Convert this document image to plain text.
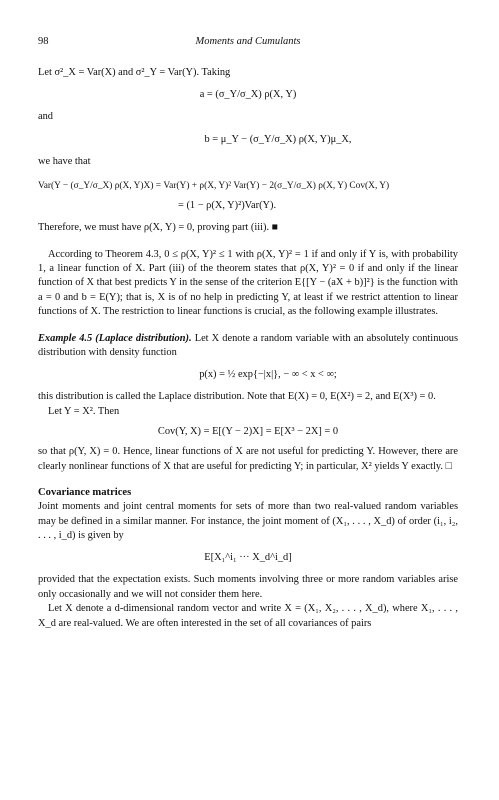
98	Moments and Cumulants

Let σ²_X = Var(X) and σ²_Y = Var(Y). Taking

a = (σ_Y/σ_X) ρ(X, Y)

and

b = μ_Y − (σ_Y/σ_X) ρ(X, Y)μ_X,

we have that

Var(Y − (σ_Y/σ_X) ρ(X, Y)X) = Var(Y) + ρ(X, Y)² Var(Y) − 2(σ_Y/σ_X) ρ(X, Y) Cov(X, Y)

= (1 − ρ(X, Y)²)Var(Y).

Therefore, we must have ρ(X, Y) = 0, proving part (iii). ■

According to Theorem 4.3, 0 ≤ ρ(X, Y)² ≤ 1 with ρ(X, Y)² = 1 if and only if Y is, with probability 1, a linear function of X. Part (iii) of the theorem states that ρ(X, Y)² = 0 if and only if the linear function of X that best predicts Y in the sense of the criterion E{[Y − (aX + b)]²} is the function with a = 0 and b = E(Y); that is, X is of no help in predicting Y, at least if we restrict attention to linear functions of X. The restriction to linear functions is crucial, as the following example illustrates.

Example 4.5 (Laplace distribution). Let X denote a random variable with an absolutely continuous distribution with density function

p(x) = ½ exp{−|x|}, − ∞ < x < ∞;

this distribution is called the Laplace distribution. Note that E(X) = 0, E(X²) = 2, and E(X³) = 0.

Let Y = X². Then

Cov(Y, X) = E[(Y − 2)X] = E[X³ − 2X] = 0

so that ρ(Y, X) = 0. Hence, linear functions of X are not useful for predicting Y. However, there are clearly nonlinear functions of X that are useful for predicting Y; in particular, X² yields Y exactly. □

Covariance matrices

Joint moments and joint central moments for sets of more than two real-valued random variables may be defined in a similar manner. For instance, the joint moment of (X₁, . . . , X_d) of order (i₁, i₂, . . . , i_d) is given by

E[X₁^i₁ ··· X_d^i_d]

provided that the expectation exists. Such moments involving three or more random variables arise only occasionally and we will not consider them here.

Let X denote a d-dimensional random vector and write X = (X₁, X₂, . . . , X_d), where X₁, . . . , X_d are real-valued. We are often interested in the set of all covariances of pairs
